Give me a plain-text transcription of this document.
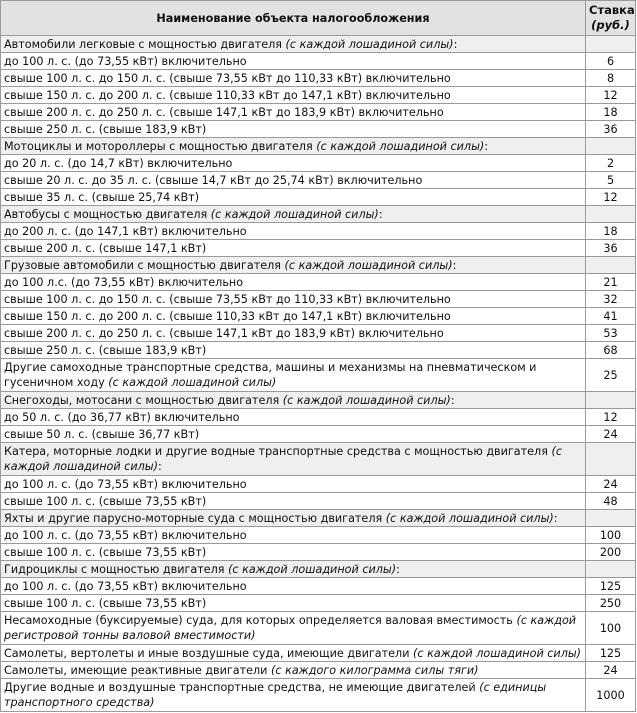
Наименование объекта налогообложения	Ставка
(руб.)
Автомобили легковые с мощностью двигателя (с каждой лошадиной силы):	
до 100 л. с. (до 73,55 кВт) включительно	6
свыше 100 л. с. до 150 л. с. (свыше 73,55 кВт до 110,33 кВт) включительно	8
свыше 150 л. с. до 200 л. с. (свыше 110,33 кВт до 147,1 кВт) включительно	12
свыше 200 л. с. до 250 л. с. (свыше 147,1 кВт до 183,9 кВт) включительно	18
свыше 250 л. с. (свыше 183,9 кВт)	36
Мотоциклы и мотороллеры с мощностью двигателя (с каждой лошадиной силы):	
до 20 л. с. (до 14,7 кВт) включительно	2
свыше 20 л. с. до 35 л. с. (свыше 14,7 кВт до 25,74 кВт) включительно	5
свыше 35 л. с. (свыше 25,74 кВт)	12
Автобусы с мощностью двигателя (с каждой лошадиной силы):	
до 200 л. с. (до 147,1 кВт) включительно	18
свыше 200 л. с. (свыше 147,1 кВт)	36
Грузовые автомобили с мощностью двигателя (с каждой лошадиной силы):	
до 100 л.с. (до 73,55 кВт) включительно	21
свыше 100 л. с. до 150 л. с. (свыше 73,55 кВт до 110,33 кВт) включительно	32
свыше 150 л. с. до 200 л. с. (свыше 110,33 кВт до 147,1 кВт) включительно	41
свыше 200 л. с. до 250 л. с. (свыше 147,1 кВт до 183,9 кВт) включительно	53
свыше 250 л. с. (свыше 183,9 кВт)	68
Другие самоходные транспортные средства, машины и механизмы на пневматическом и гусеничном ходу (с каждой лошадиной силы)	25
Снегоходы, мотосани с мощностью двигателя (с каждой лошадиной силы):	
до 50 л. с. (до 36,77 кВт) включительно	12
свыше 50 л. с. (свыше 36,77 кВт)	24
Катера, моторные лодки и другие водные транспортные средства с мощностью двигателя (с каждой лошадиной силы):	
до 100 л. с. (до 73,55 кВт) включительно	24
свыше 100 л. с. (свыше 73,55 кВт)	48
Яхты и другие парусно-моторные суда с мощностью двигателя (с каждой лошадиной силы):	
до 100 л. с. (до 73,55 кВт) включительно	100
свыше 100 л. с. (свыше 73,55 кВт)	200
Гидроциклы с мощностью двигателя (с каждой лошадиной силы):	
до 100 л. с. (до 73,55 кВт) включительно	125
свыше 100 л. с. (свыше 73,55 кВт)	250
Несамоходные (буксируемые) суда, для которых определяется валовая вместимость (с каждой регистровой тонны валовой вместимости)	100
Самолеты, вертолеты и иные воздушные суда, имеющие двигатели (с каждой лошадиной силы)	125
Самолеты, имеющие реактивные двигатели (с каждого килограмма силы тяги)	24
Другие водные и воздушные транспортные средства, не имеющие двигателей (с единицы транспортного средства)	1000
